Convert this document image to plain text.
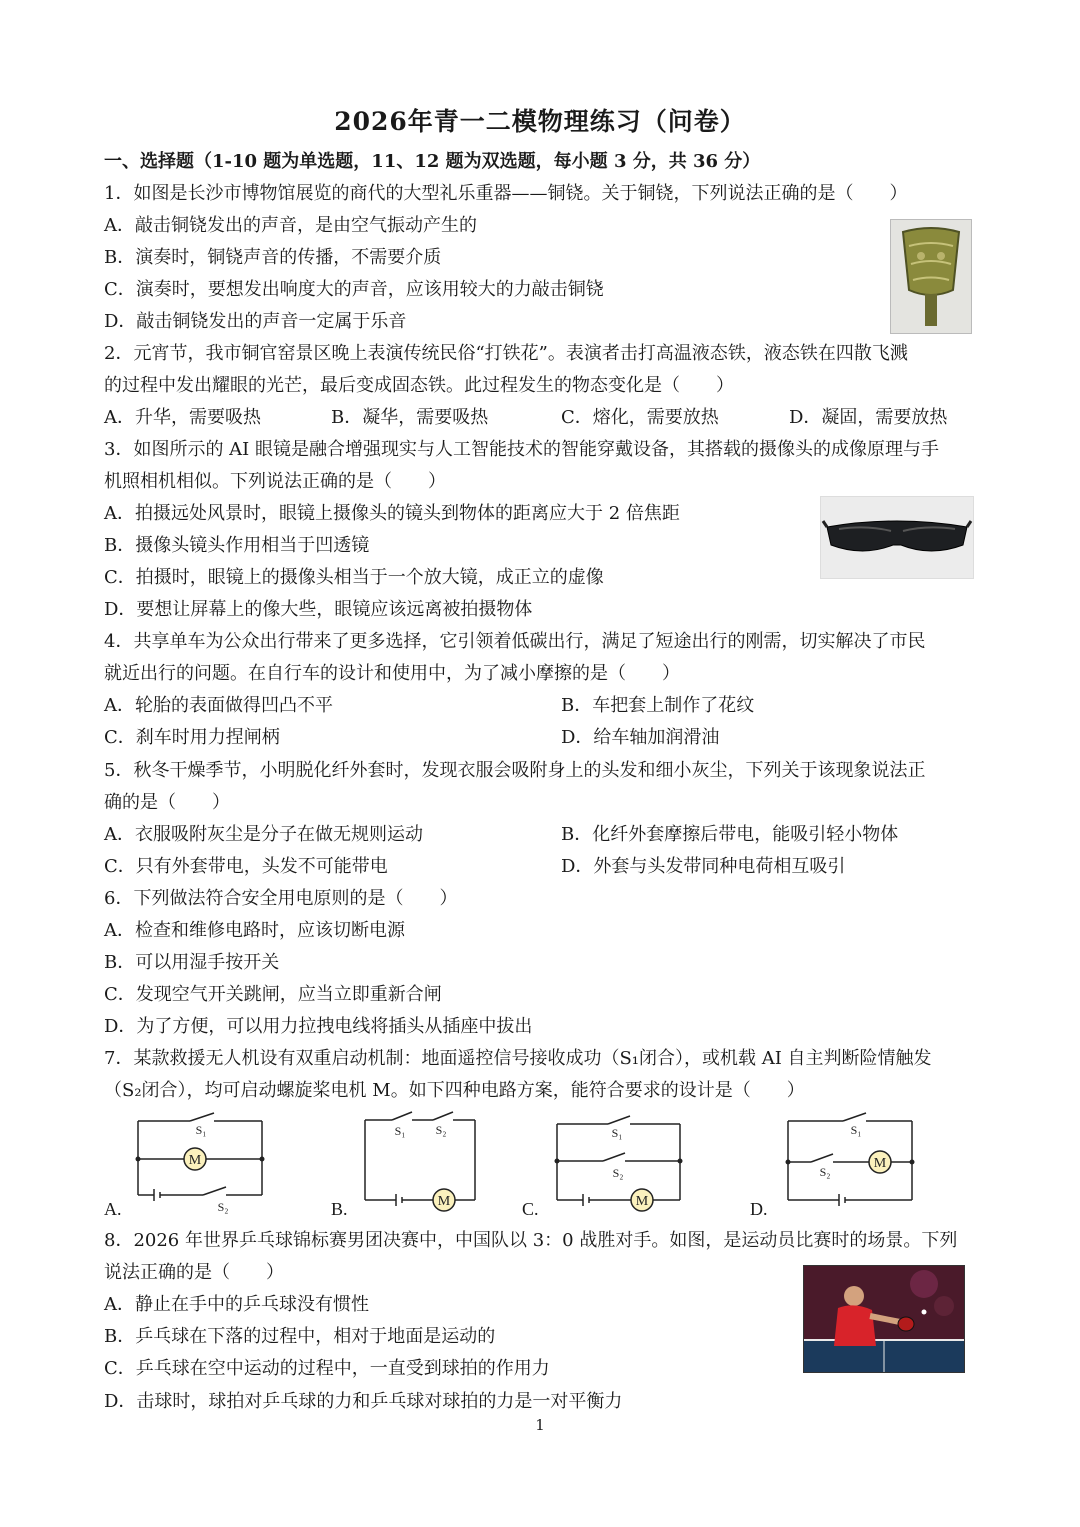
2026年青一二模物理练习（问卷）
一、选择题（1-10 题为单选题，11、12 题为双选题，每小题 3 分，共 36 分）
1．如图是长沙市博物馆展览的商代的大型礼乐重器——铜铙。关于铜铙，下列说法正确的是（　　）
A．敲击铜铙发出的声音，是由空气振动产生的
B．演奏时，铜铙声音的传播，不需要介质
C．演奏时，要想发出响度大的声音，应该用较大的力敲击铜铙
D．敲击铜铙发出的声音一定属于乐音
2．元宵节，我市铜官窑景区晚上表演传统民俗“打铁花”。表演者击打高温液态铁，液态铁在四散飞溅
的过程中发出耀眼的光芒，最后变成固态铁。此过程发生的物态变化是（　　）
A．升华，需要吸热	B．凝华，需要吸热	C．熔化，需要放热	D．凝固，需要放热
3．如图所示的 AI 眼镜是融合增强现实与人工智能技术的智能穿戴设备，其搭载的摄像头的成像原理与手
机照相机相似。下列说法正确的是（　　）
A．拍摄远处风景时，眼镜上摄像头的镜头到物体的距离应大于 2 倍焦距
B．摄像头镜头作用相当于凹透镜
C．拍摄时，眼镜上的摄像头相当于一个放大镜，成正立的虚像
D．要想让屏幕上的像大些，眼镜应该远离被拍摄物体
4．共享单车为公众出行带来了更多选择，它引领着低碳出行，满足了短途出行的刚需，切实解决了市民
就近出行的问题。在自行车的设计和使用中，为了减小摩擦的是（　　）
A．轮胎的表面做得凹凸不平	B．车把套上制作了花纹
C．刹车时用力捏闸柄	D．给车轴加润滑油
5．秋冬干燥季节，小明脱化纤外套时，发现衣服会吸附身上的头发和细小灰尘，下列关于该现象说法正
确的是（　　）
A．衣服吸附灰尘是分子在做无规则运动	B．化纤外套摩擦后带电，能吸引轻小物体
C．只有外套带电，头发不可能带电	D．外套与头发带同种电荷相互吸引
6．下列做法符合安全用电原则的是（　　）
A．检查和维修电路时，应该切断电源
B．可以用湿手按开关
C．发现空气开关跳闸，应当立即重新合闸
D．为了方便，可以用力拉拽电线将插头从插座中拔出
7．某款救援无人机设有双重启动机制：地面遥控信号接收成功（S₁闭合），或机载 AI 自主判断险情触发
（S₂闭合），均可启动螺旋桨电机 M。如下四种电路方案，能符合要求的设计是（　　）
M
M	M
M
S₁
S₂
S₁	S₂	S₁
S₂
S₁
S₂
A.	B.	C.	D.
8．2026 年世界乒乓球锦标赛男团决赛中，中国队以 3：0 战胜对手。如图，是运动员比赛时的场景。下列
说法正确的是（　　）
A．静止在手中的乒乓球没有惯性
B．乒乓球在下落的过程中，相对于地面是运动的
C．乒乓球在空中运动的过程中，一直受到球拍的作用力
D．击球时，球拍对乒乓球的力和乒乓球对球拍的力是一对平衡力
1
